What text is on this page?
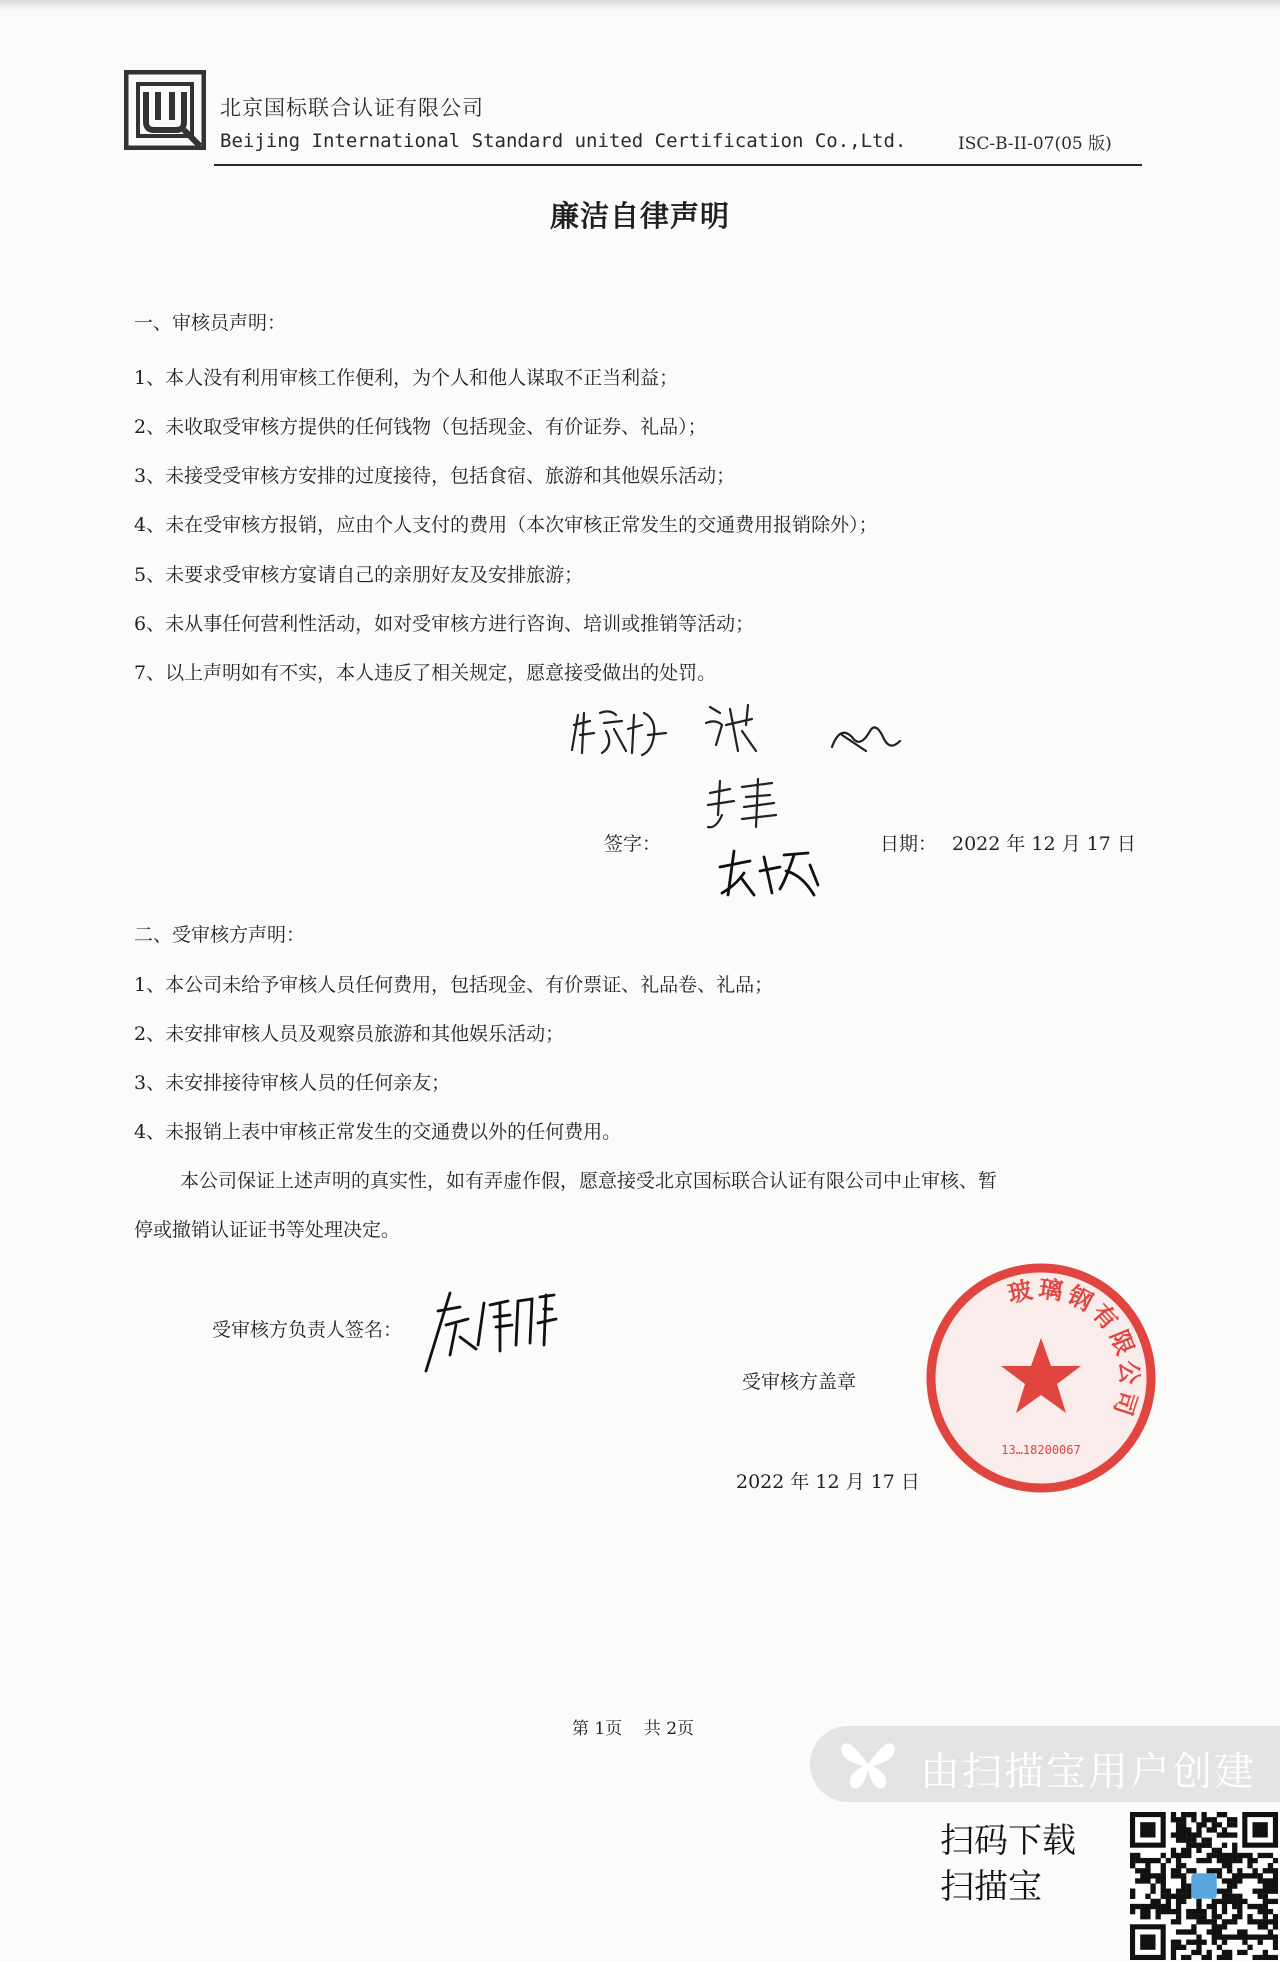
北京国标联合认证有限公司
Beijing International Standard united Certification Co.,Ltd.	ISC-B-II-07(05 版)
廉洁自律声明
一、审核员声明：
1、本人没有利用审核工作便利，为个人和他人谋取不正当利益；
2、未收取受审核方提供的任何钱物（包括现金、有价证券、礼品）；
3、未接受受审核方安排的过度接待，包括食宿、旅游和其他娱乐活动；
4、未在受审核方报销，应由个人支付的费用（本次审核正常发生的交通费用报销除外）；
5、未要求受审核方宴请自己的亲朋好友及安排旅游；
6、未从事任何营利性活动，如对受审核方进行咨询、培训或推销等活动；
7、以上声明如有不实，本人违反了相关规定，愿意接受做出的处罚。
签字：	日期： 2022 年 12 月 17 日
二、受审核方声明：
1、本公司未给予审核人员任何费用，包括现金、有价票证、礼品卷、礼品；
2、未安排审核人员及观察员旅游和其他娱乐活动；
3、未安排接待审核人员的任何亲友；
4、未报销上表中审核正常发生的交通费以外的任何费用。
本公司保证上述声明的真实性，如有弄虚作假，愿意接受北京国标联合认证有限公司中止审核、暂
停或撤销认证证书等处理决定。
受审核方负责人签名：
受审核方盖章
2022 年 12 月 17 日
玻璃钢有限公司
13…18200067
第 1页    共 2页
由扫描宝用户创建
扫码下载
扫描宝
